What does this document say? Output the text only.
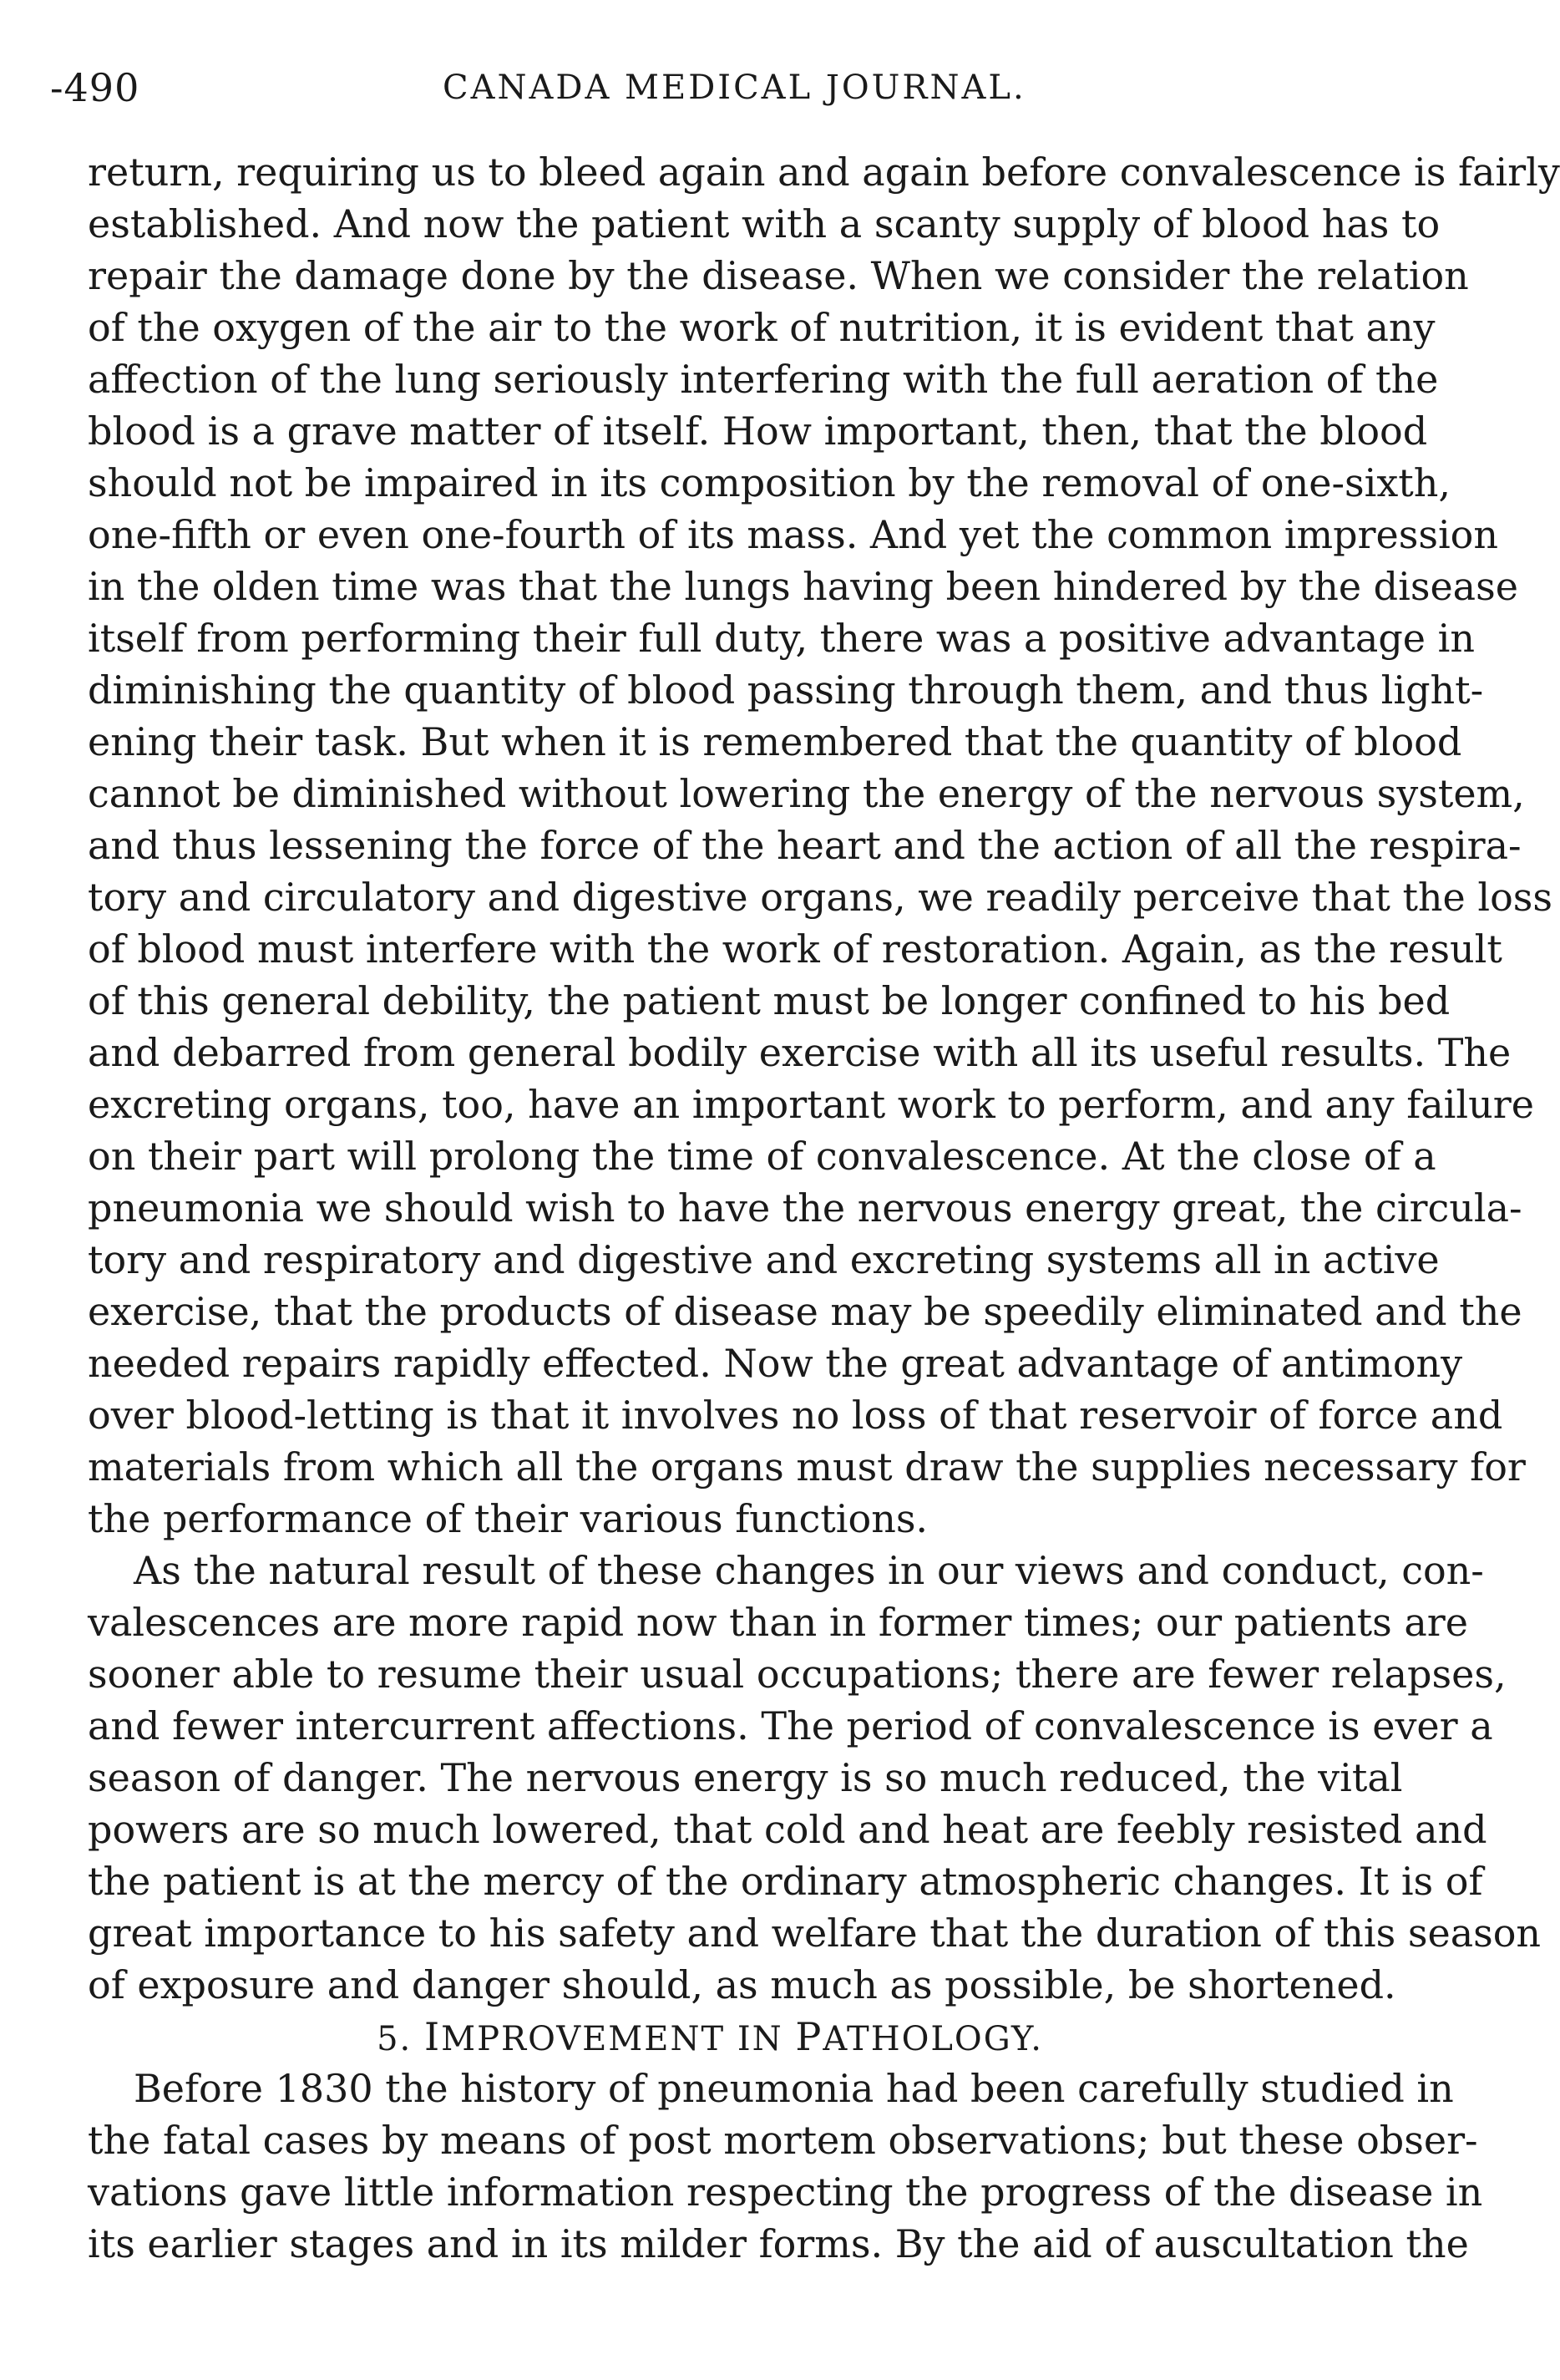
-490	CANADA MEDICAL JOURNAL.
return, requiring us to bleed again and again before convalescence is fairly
established. And now the patient with a scanty supply of blood has to
repair the damage done by the disease. When we consider the relation
of the oxygen of the air to the work of nutrition, it is evident that any
affection of the lung seriously interfering with the full aeration of the
blood is a grave matter of itself. How important, then, that the blood
should not be impaired in its composition by the removal of one-sixth,
one-fifth or even one-fourth of its mass. And yet the common impression
in the olden time was that the lungs having been hindered by the disease
itself from performing their full duty, there was a positive advantage in
diminishing the quantity of blood passing through them, and thus light-
ening their task. But when it is remembered that the quantity of blood
cannot be diminished without lowering the energy of the nervous system,
and thus lessening the force of the heart and the action of all the respira-
tory and circulatory and digestive organs, we readily perceive that the loss
of blood must interfere with the work of restoration. Again, as the result
of this general debility, the patient must be longer confined to his bed
and debarred from general bodily exercise with all its useful results. The
excreting organs, too, have an important work to perform, and any failure
on their part will prolong the time of convalescence. At the close of a
pneumonia we should wish to have the nervous energy great, the circula-
tory and respiratory and digestive and excreting systems all in active
exercise, that the products of disease may be speedily eliminated and the
needed repairs rapidly effected. Now the great advantage of antimony
over blood-letting is that it involves no loss of that reservoir of force and
materials from which all the organs must draw the supplies necessary for
the performance of their various functions.
As the natural result of these changes in our views and conduct, con-
valescences are more rapid now than in former times; our patients are
sooner able to resume their usual occupations; there are fewer relapses,
and fewer intercurrent affections. The period of convalescence is ever a
season of danger. The nervous energy is so much reduced, the vital
powers are so much lowered, that cold and heat are feebly resisted and
the patient is at the mercy of the ordinary atmospheric changes. It is of
great importance to his safety and welfare that the duration of this season
of exposure and danger should, as much as possible, be shortened.
5. IMPROVEMENT IN PATHOLOGY.
Before 1830 the history of pneumonia had been carefully studied in
the fatal cases by means of post mortem observations; but these obser-
vations gave little information respecting the progress of the disease in
its earlier stages and in its milder forms. By the aid of auscultation the
